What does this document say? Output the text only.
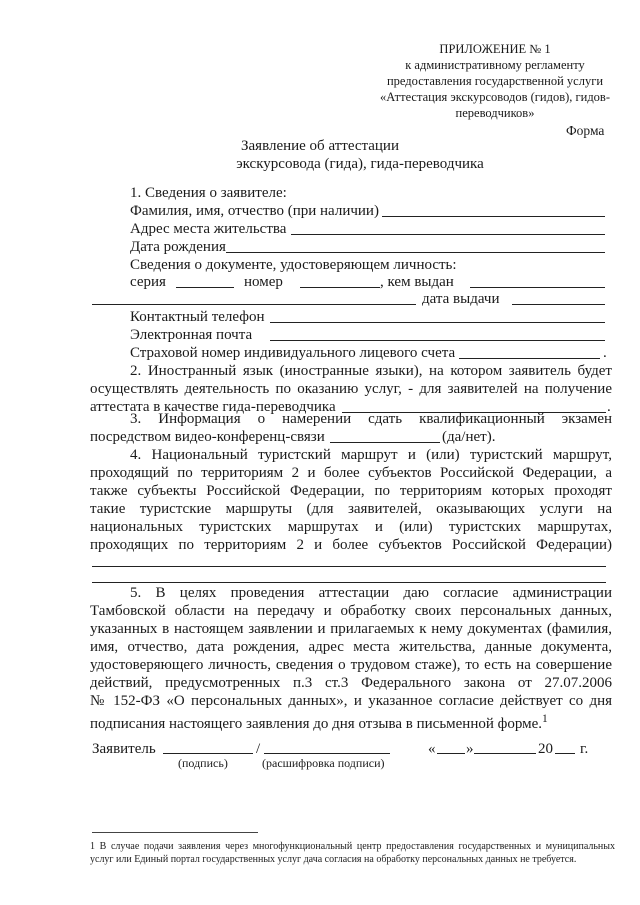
ПРИЛОЖЕНИЕ № 1
к административному регламенту
предоставления государственной услуги
«Аттестация экскурсоводов (гидов), гидов-
переводчиков»
Форма
Заявление об аттестации
экскурсовода (гида), гида-переводчика
1. Сведения о заявителе:
Фамилия, имя, отчество (при наличии)
Адрес места жительства
Дата рождения
Сведения о документе, удостоверяющем личность:
серия	номер	, кем выдан
дата выдачи
Контактный телефон
Электронная почта
Страховой номер индивидуального лицевого счета	.
2. Иностранный язык (иностранные языки), на котором заявитель будет
осуществлять деятельность по оказанию услуг, - для заявителей на получение
аттестата в качестве гида-переводчика	.
3. Информация о намерении сдать квалификационный экзамен
посредством видео-конференц-связи	(да/нет).
4. Национальный туристский маршрут и (или) туристский маршрут,
проходящий по территориям 2 и более субъектов Российской Федерации, а
также субъекты Российской Федерации, по территориям которых проходят
такие туристские маршруты (для заявителей, оказывающих услуги на
национальных туристских маршрутах и (или) туристских маршрутах,
проходящих по территориям 2 и более субъектов Российской Федерации)
5. В целях проведения аттестации даю согласие администрации
Тамбовской области на передачу и обработку своих персональных данных,
указанных в настоящем заявлении и прилагаемых к нему документах (фамилия,
имя, отчество, дата рождения, адрес места жительства, данные документа,
удостоверяющего личность, сведения о трудовом стаже), то есть на совершение
действий, предусмотренных п.3 ст.3 Федерального закона от 27.07.2006
№ 152-ФЗ «О персональных данных», и указанное согласие действует со дня
подписания настоящего заявления до дня отзыва в письменной форме.$^1$
Заявитель	/	« »	20 г.
(подпись)	(расшифровка подписи)
1 В случае подачи заявления через многофункциональный центр предоставления государственных и муниципальных услуг или Единый портал государственных услуг дача согласия на обработку персональных данных не требуется.
